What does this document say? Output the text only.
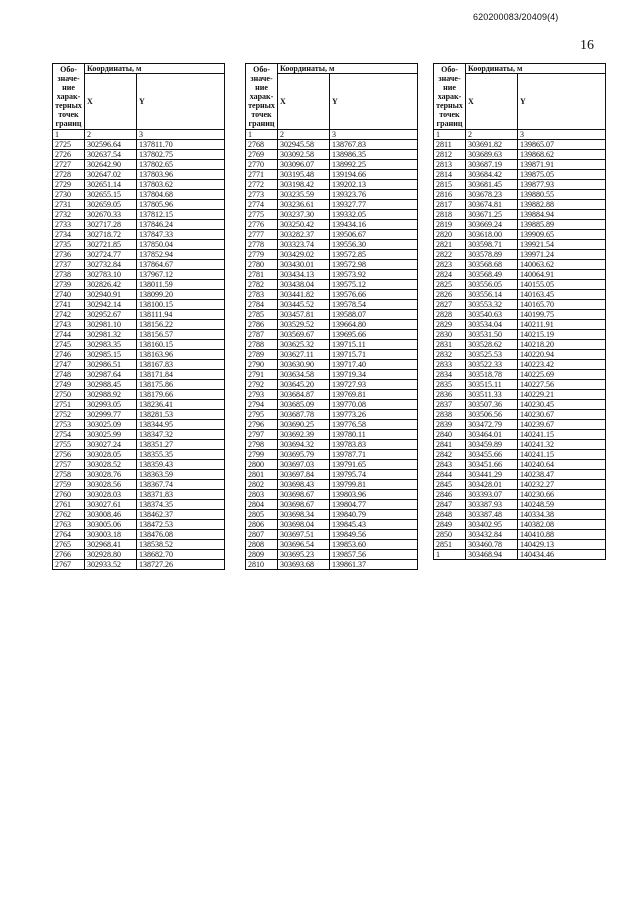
620200083/20409(4)
16
Обо-значе-ние харак-терных точек границ	Координаты, м	
	X	Y
1	2	3
2725	302596.64	137811.70
2726	302637.54	137802.75
2727	302642.90	137802.65
2728	302647.02	137803.96
2729	302651.14	137803.62
2730	302655.15	137804.68
2731	302659.05	137805.96
2732	302670.33	137812.15
2733	302717.28	137846.24
2734	302718.72	137847.33
2735	302721.85	137850.04
2736	302724.77	137852.94
2737	302732.84	137864.67
2738	302783.10	137967.12
2739	302826.42	138011.59
2740	302940.91	138099.20
2741	302942.14	138100.15
2742	302952.67	138111.94
2743	302981.10	138156.22
2744	302981.32	138156.57
2745	302983.35	138160.15
2746	302985.15	138163.96
2747	302986.51	138167.83
2748	302987.64	138171.84
2749	302988.45	138175.86
2750	302988.92	138179.66
2751	302993.05	138236.41
2752	302999.77	138281.53
2753	303025.09	138344.95
2754	303025.99	138347.32
2755	303027.24	138351.27
2756	303028.05	138355.35
2757	303028.52	138359.43
2758	303028.76	138363.59
2759	303028.56	138367.74
2760	303028.03	138371.83
2761	303027.61	138374.35
2762	303008.46	138462.37
2763	303005.06	138472.53
2764	303003.18	138476.08
2765	302968.41	138538.52
2766	302928.80	138682.70
2767	302933.52	138727.26
Обо-значе-ние харак-терных точек границ	Координаты, м	
	X	Y
1	2	3
2768	302945.58	138767.83
2769	303092.58	138986.35
2770	303096.07	138992.25
2771	303195.48	139194.66
2772	303198.42	139202.13
2773	303235.59	139323.76
2774	303236.61	139327.77
2775	303237.30	139332.05
2776	303250.42	139434.16
2777	303282.37	139506.67
2778	303323.74	139556.30
2779	303429.02	139572.85
2780	303430.01	139572.98
2781	303434.13	139573.92
2782	303438.04	139575.12
2783	303441.82	139576.66
2784	303445.52	139578.54
2785	303457.81	139588.07
2786	303529.52	139664.80
2787	303569.67	139695.66
2788	303625.32	139715.11
2789	303627.11	139715.71
2790	303630.90	139717.40
2791	303634.58	139719.34
2792	303645.20	139727.93
2793	303684.87	139769.81
2794	303685.09	139770.08
2795	303687.78	139773.26
2796	303690.25	139776.58
2797	303692.39	139780.11
2798	303694.32	139783.83
2799	303695.79	139787.71
2800	303697.03	139791.65
2801	303697.84	139795.74
2802	303698.43	139799.81
2803	303698.67	139803.96
2804	303698.67	139804.77
2805	303698.34	139840.79
2806	303698.04	139845.43
2807	303697.51	139849.56
2808	303696.54	139853.60
2809	303695.23	139857.56
2810	303693.68	139861.37
Обо-значе-ние харак-терных точек границ	Координаты, м	
	X	Y
1	2	3
2811	303691.82	139865.07
2812	303689.63	139868.62
2813	303687.19	139871.91
2814	303684.42	139875.05
2815	303681.45	139877.93
2816	303678.23	139880.55
2817	303674.81	139882.88
2818	303671.25	139884.94
2819	303669.24	139885.89
2820	303618.00	139909.65
2821	303598.71	139921.54
2822	303578.89	139971.24
2823	303568.68	140063.62
2824	303568.49	140064.91
2825	303556.05	140155.05
2826	303556.14	140163.45
2827	303553.32	140165.70
2828	303540.63	140199.75
2829	303534.04	140211.91
2830	303531.50	140215.19
2831	303528.62	140218.20
2832	303525.53	140220.94
2833	303522.33	140223.42
2834	303518.78	140225.69
2835	303515.11	140227.56
2836	303511.33	140229.21
2837	303507.36	140230.45
2838	303506.56	140230.67
2839	303472.79	140239.67
2840	303464.01	140241.15
2841	303459.89	140241.32
2842	303455.66	140241.15
2843	303451.66	140240.64
2844	303441.29	140238.47
2845	303428.01	140232.27
2846	303393.07	140230.66
2847	303387.93	140248.59
2848	303387.48	140334.38
2849	303402.95	140382.08
2850	303432.84	140410.88
2851	303460.78	140429.13
1	303468.94	140434.46
